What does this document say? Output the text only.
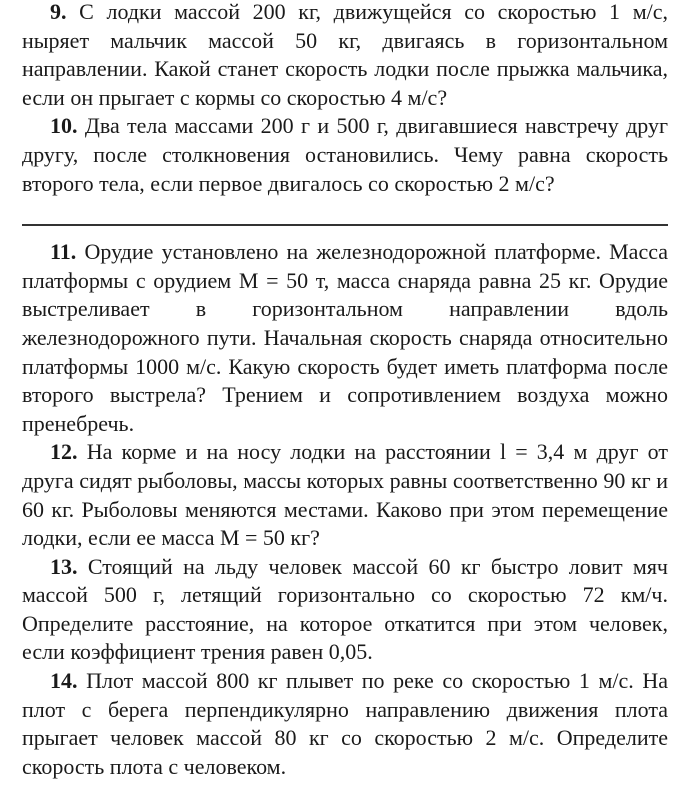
9. С лодки массой 200 кг, движущейся со скоростью 1 м/с, ныряет мальчик массой 50 кг, двигаясь в горизонтальном направлении. Какой станет скорость лодки после прыжка мальчика, если он прыгает с кормы со скоростью 4 м/с?

10. Два тела массами 200 г и 500 г, двигавшиеся навстречу друг другу, после столкновения остановились. Чему равна скорость второго тела, если первое двигалось со скоростью 2 м/с?

11. Орудие установлено на железнодорожной платформе. Масса платформы с орудием M = 50 т, масса снаряда равна 25 кг. Орудие выстреливает в горизонтальном направлении вдоль железнодорожного пути. Начальная скорость снаряда относительно платформы 1000 м/с. Какую скорость будет иметь платформа после второго выстрела? Трением и сопротивлением воздуха можно пренебречь.

12. На корме и на носу лодки на расстоянии l = 3,4 м друг от друга сидят рыболовы, массы которых равны соответственно 90 кг и 60 кг. Рыболовы меняются местами. Каково при этом перемещение лодки, если ее масса M = 50 кг?

13. Стоящий на льду человек массой 60 кг быстро ловит мяч массой 500 г, летящий горизонтально со скоростью 72 км/ч. Определите расстояние, на которое откатится при этом человек, если коэффициент трения равен 0,05.

14. Плот массой 800 кг плывет по реке со скоростью 1 м/с. На плот с берега перпендикулярно направлению движения плота прыгает человек массой 80 кг со скоростью 2 м/с. Определите скорость плота с человеком.
